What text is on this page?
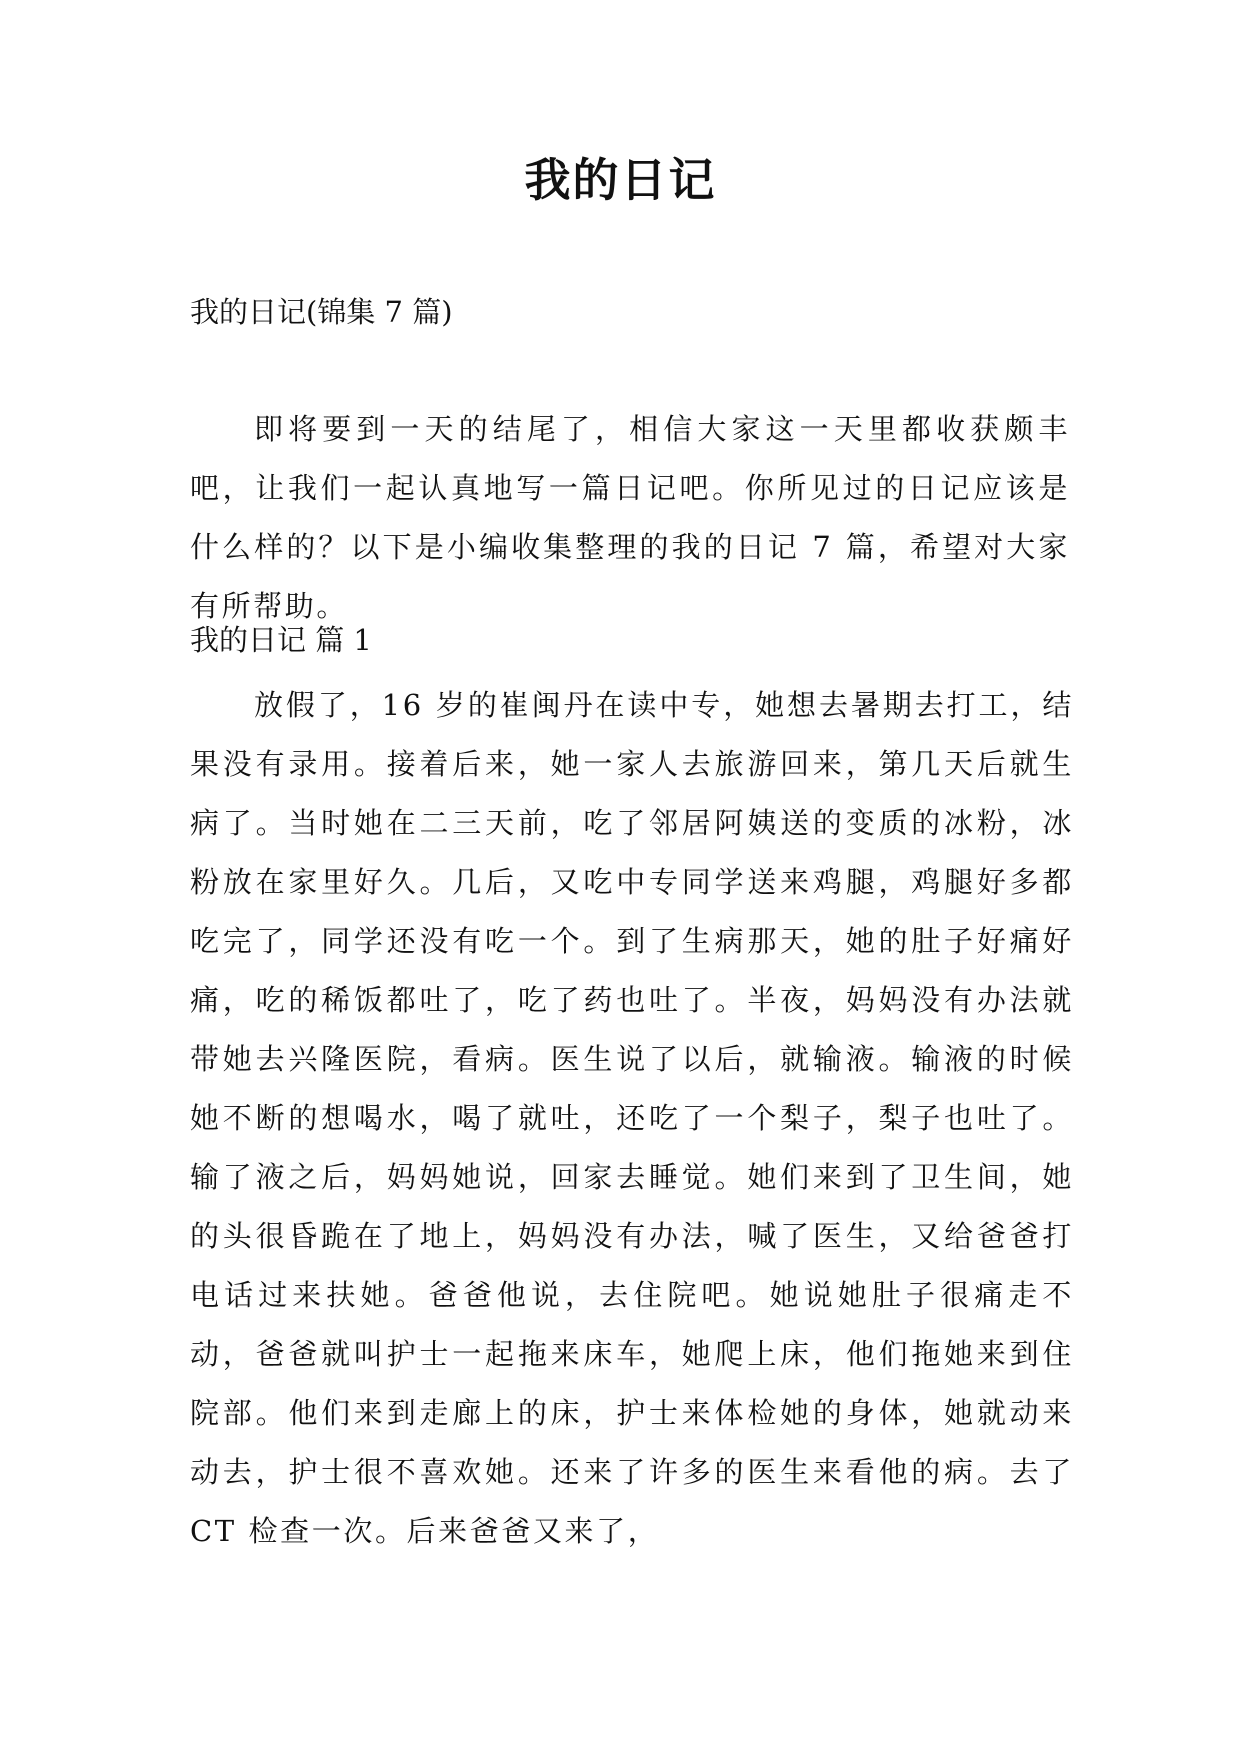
我的日记
我的日记(锦集 7 篇)

即将要到一天的结尾了，相信大家这一天里都收获颇丰吧，让我们一起认真地写一篇日记吧。你所见过的日记应该是什么样的？以下是小编收集整理的我的日记 7 篇，希望对大家有所帮助。

我的日记 篇 1

放假了，16 岁的崔闽丹在读中专，她想去暑期去打工，结果没有录用。接着后来，她一家人去旅游回来，第几天后就生病了。当时她在二三天前，吃了邻居阿姨送的变质的冰粉，冰粉放在家里好久。几后，又吃中专同学送来鸡腿，鸡腿好多都吃完了，同学还没有吃一个。到了生病那天，她的肚子好痛好痛，吃的稀饭都吐了，吃了药也吐了。半夜，妈妈没有办法就带她去兴隆医院，看病。医生说了以后，就输液。输液的时候她不断的想喝水，喝了就吐，还吃了一个梨子，梨子也吐了。输了液之后，妈妈她说，回家去睡觉。她们来到了卫生间，她的头很昏跪在了地上，妈妈没有办法，喊了医生，又给爸爸打电话过来扶她。爸爸他说，去住院吧。她说她肚子很痛走不动，爸爸就叫护士一起拖来床车，她爬上床，他们拖她来到住院部。他们来到走廊上的床，护士来体检她的身体，她就动来动去，护士很不喜欢她。还来了许多的医生来看他的病。去了 CT 检查一次。后来爸爸又来了，
